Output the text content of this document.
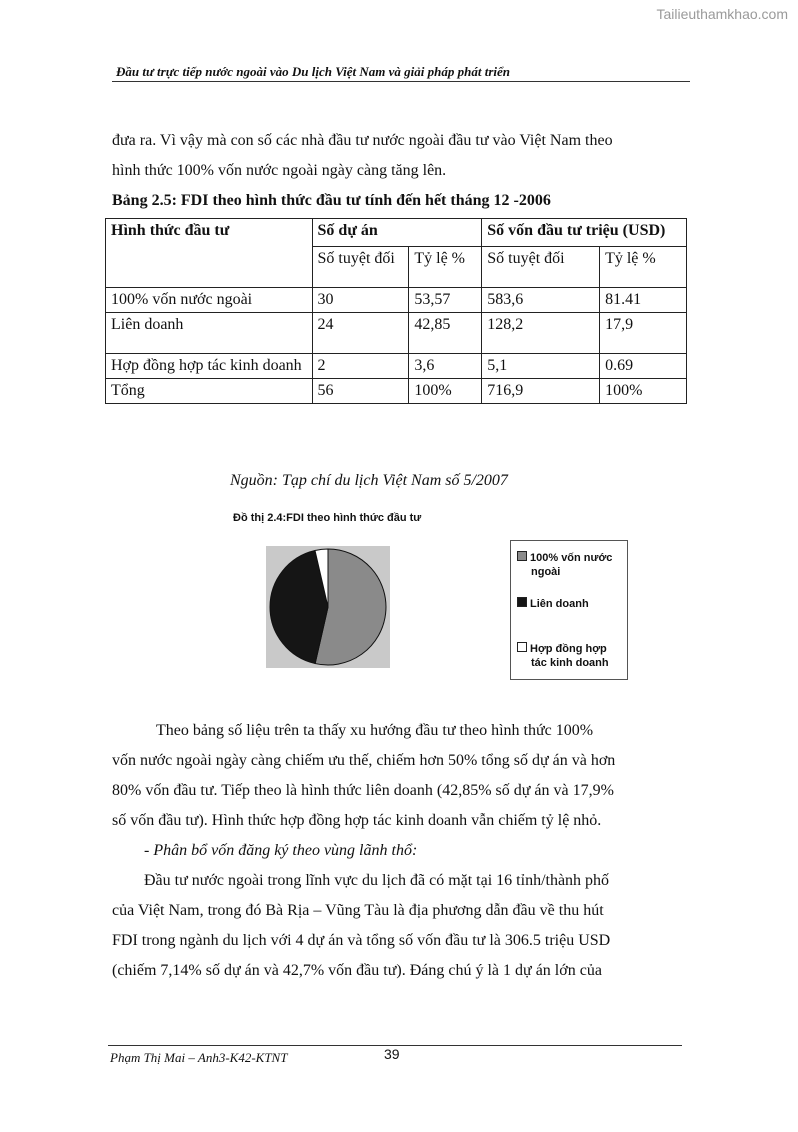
Tailieuthamkhao.com
Đầu tư trực tiếp nước ngoài vào Du lịch Việt Nam và giải pháp phát triển

đưa ra. Vì vậy mà con số các nhà đầu tư nước ngoài đầu tư vào Việt Nam theo

hình thức 100% vốn nước ngoài ngày càng tăng lên.

Bảng 2.5: FDI theo hình thức đầu tư tính đến hết tháng 12 -2006
Hình thức đầu tư	Số dự án		Số vốn đầu tư triệu (USD)	
	Số tuyệt đối	Tỷ lệ %	Số tuyệt đối	Tỷ lệ %
100% vốn nước ngoài	30	53,57	583,6	81.41
Liên doanh	24	42,85	128,2	17,9
Hợp đồng hợp tác kinh doanh	2	3,6	5,1	0.69
Tổng	56	100%	716,9	100%
Nguồn: Tạp chí du lịch Việt Nam số 5/2007
Đồ thị 2.4:FDI theo hình thức đầu tư
100% vốn nước
ngoài
Liên doanh
Hợp đồng hợp
tác kinh doanh

Theo bảng số liệu trên ta thấy xu hướng đầu tư theo hình thức 100%

vốn nước ngoài ngày càng chiếm ưu thế, chiếm hơn 50% tổng số dự án và hơn

80% vốn đầu tư. Tiếp theo là hình thức liên doanh (42,85% số dự án và 17,9%

số vốn đầu tư). Hình thức hợp đồng hợp tác kinh doanh vẫn chiếm tỷ lệ nhỏ.

- Phân bổ vốn đăng ký theo vùng lãnh thổ:

Đầu tư nước ngoài trong lĩnh vực du lịch đã có mặt tại 16 tỉnh/thành phố

của Việt Nam, trong đó Bà Rịa – Vũng Tàu là địa phương dẫn đầu về thu hút

FDI trong ngành du lịch với 4 dự án và tổng số vốn đầu tư là 306.5 triệu USD

(chiếm 7,14% số dự án và 42,7% vốn đầu tư). Đáng chú ý là 1 dự án lớn của

Phạm Thị Mai – Anh3-K42-KTNT	39
